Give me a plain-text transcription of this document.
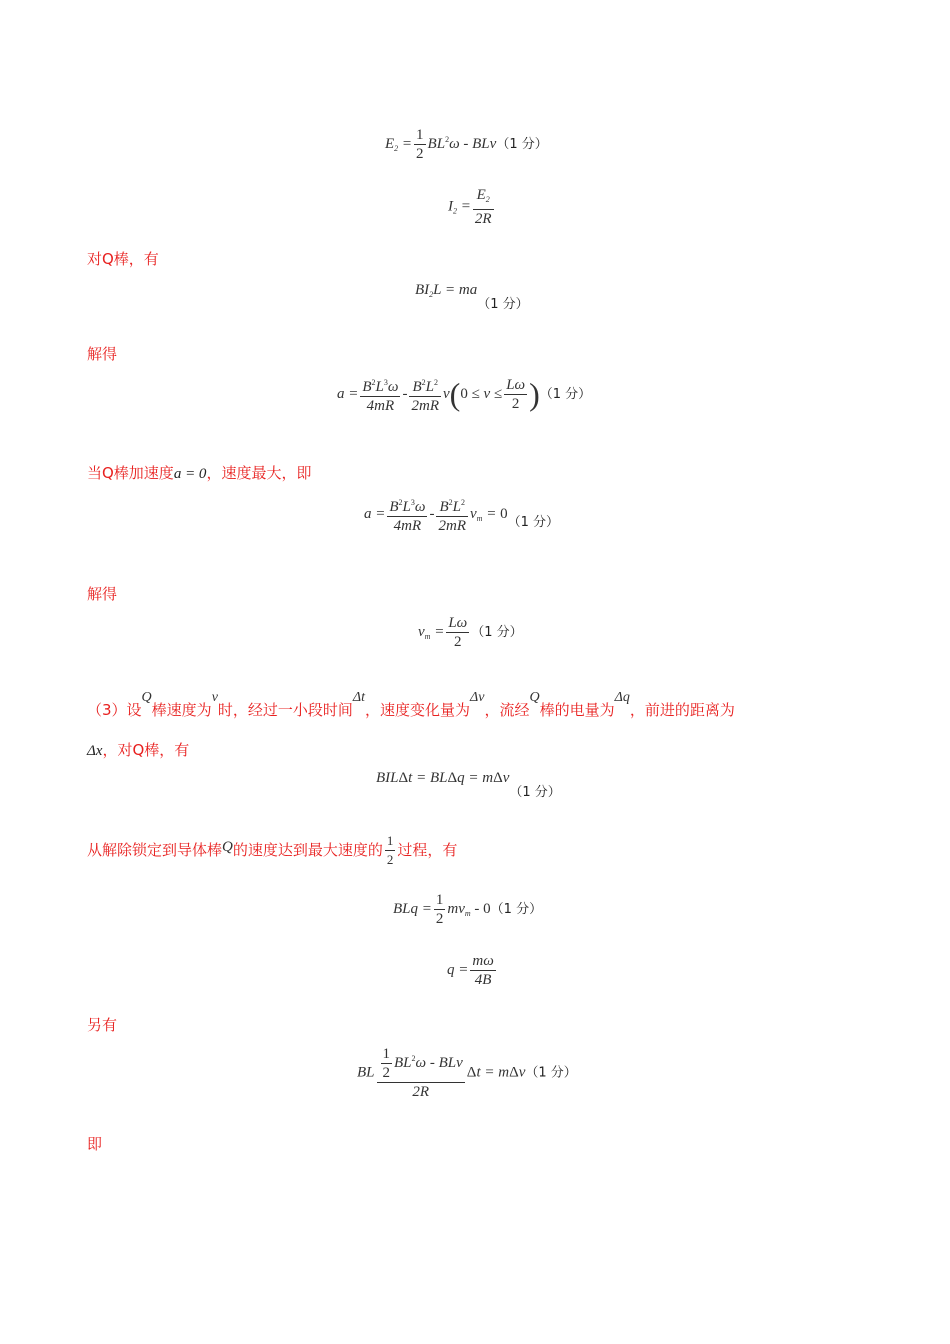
$E_2 = \frac{1}{2} BL^2\omega - BLv(1$ 分）
$I_2 = \frac{E_2}{2R}$
对Q棒，有
$BI_2L = ma(1$ 分）
解得
$a = \frac{B^2L^3\omega}{4mR} - \frac{B^2L^2}{2mR} v(0 \le v \le \frac{L\omega}{2} )(1$ 分）
当Q棒加速度a = 0，速度最大，即
$a = \frac{B^2L^3\omega}{4mR} - \frac{B^2L^2}{2mR} v_m = 0(1$ 分）
解得
$v_m = \frac{L\omega}{2} (1$ 分）
（3）设Q棒速度为v时，经过一小段时间Δt，速度变化量为Δv，流经Q棒的电量为Δq，前进的距离为
Δx，对Q棒，有
BILΔt = BLΔq = mΔv（1 分）
从解除锁定到导体棒Q的速度达到最大速度的 $\frac{1}{2}$ 过程，有
BLq = $\frac{1}{2} mv_m - 0(1$ 分）
$q = \frac{m\omega}{4B}$
另有
BL $\frac{\frac{1}{2} BL^2\omega - BLv}{2R}$ Δt = mΔv（1 分）
即
